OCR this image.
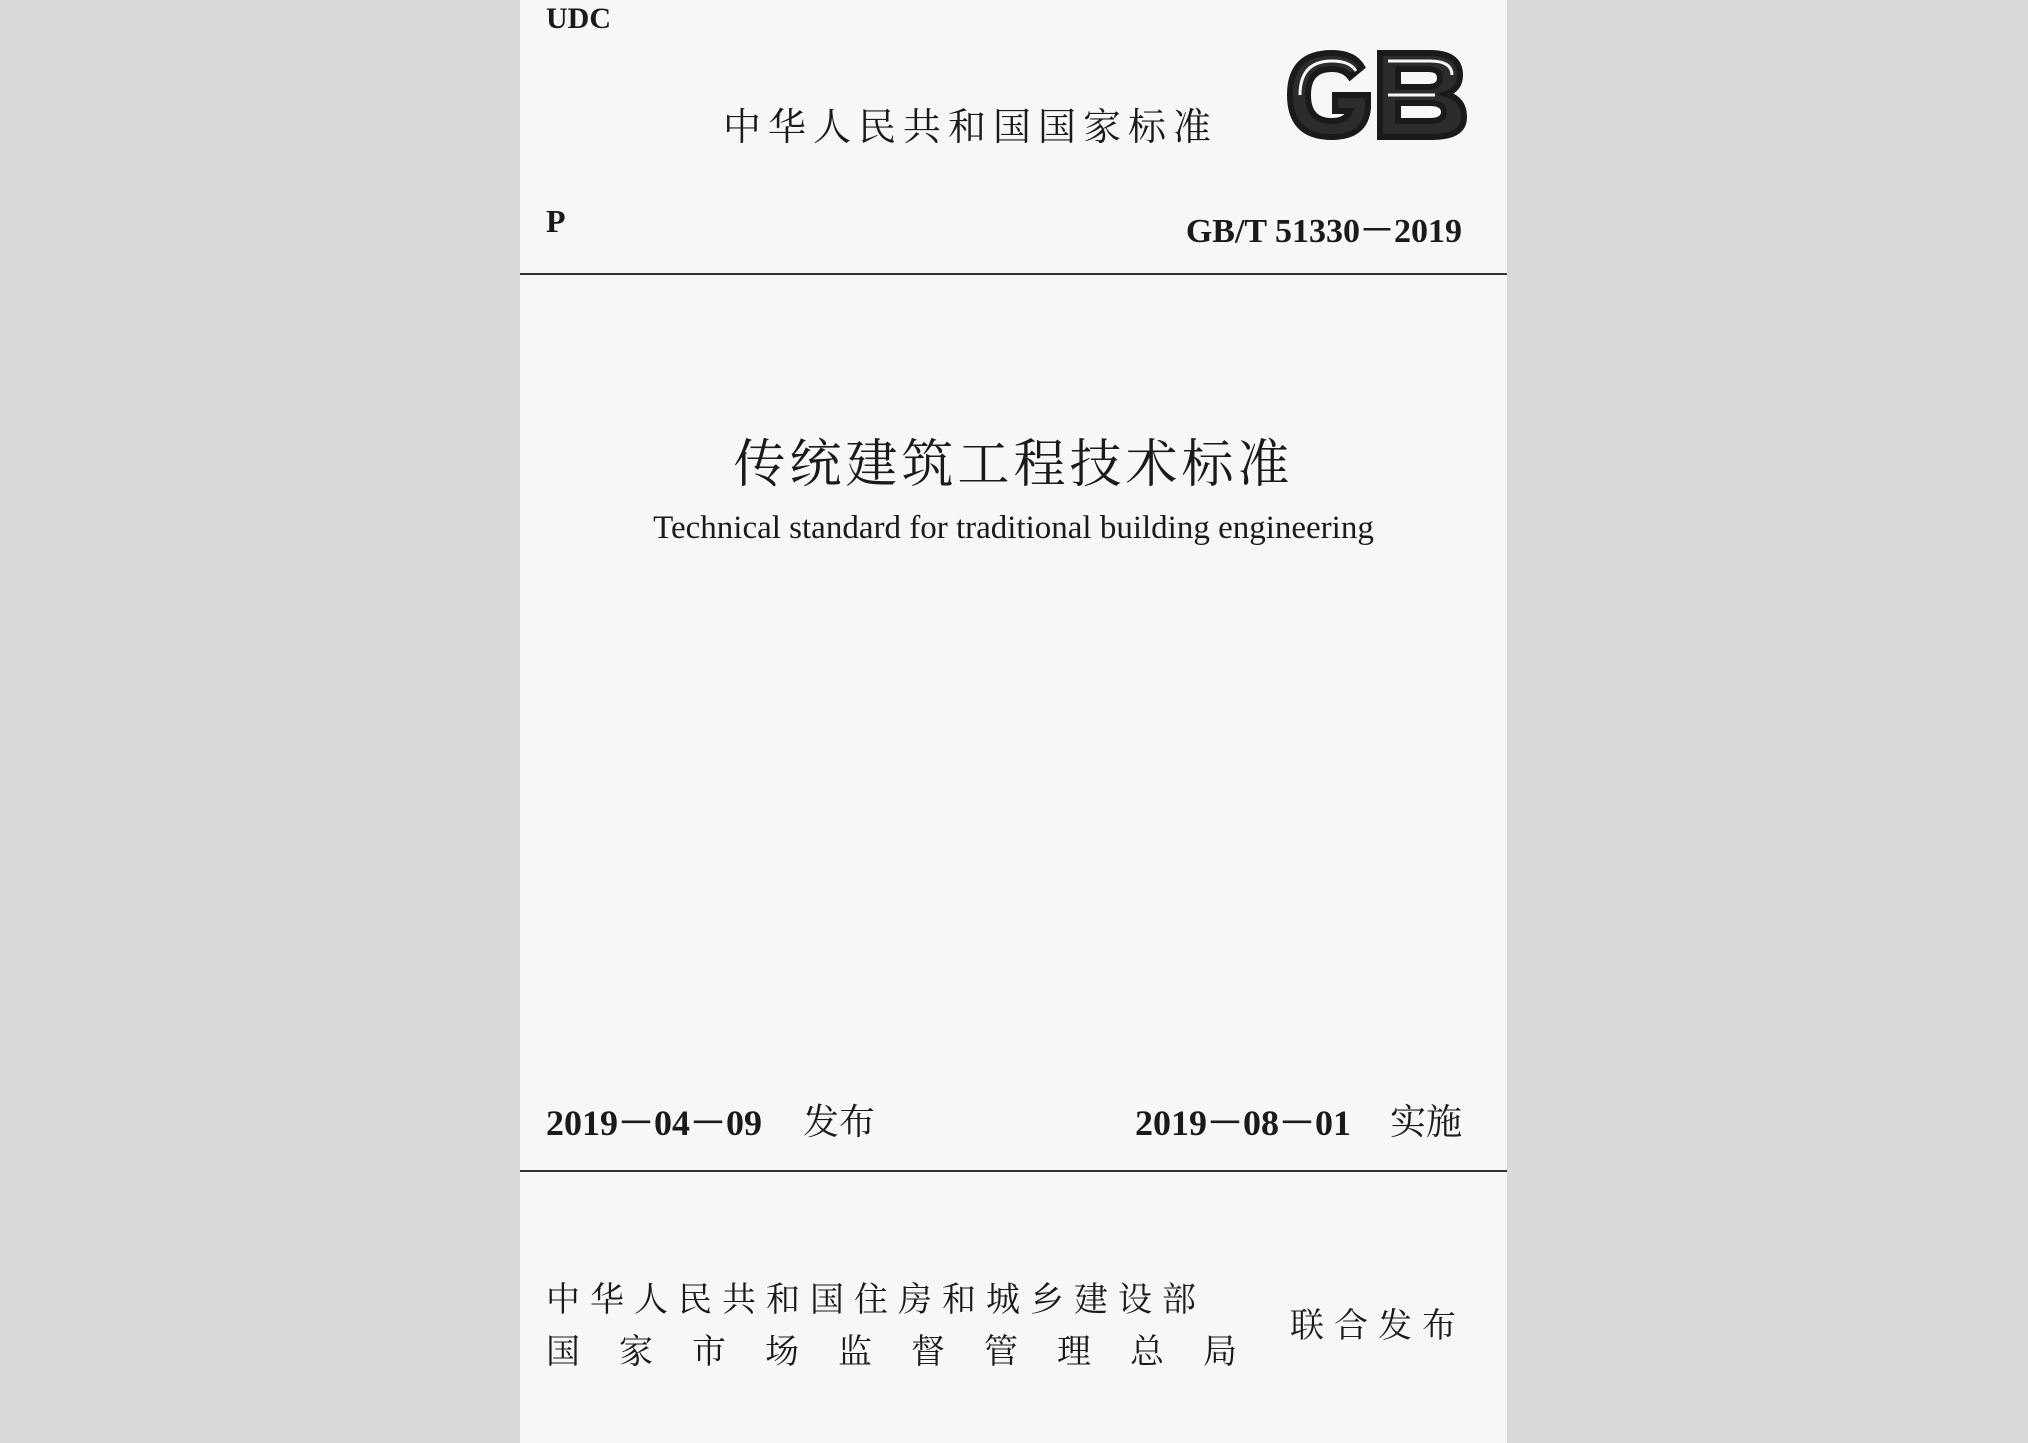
UDC
中华人民共和国国家标准
P	GB/T 51330－2019
传统建筑工程技术标准
Technical standard for traditional building engineering
2019－04－09 发布	2019－08－01 实施
中华人民共和国住房和城乡建设部
国家市场监督管理总局
联合发布
